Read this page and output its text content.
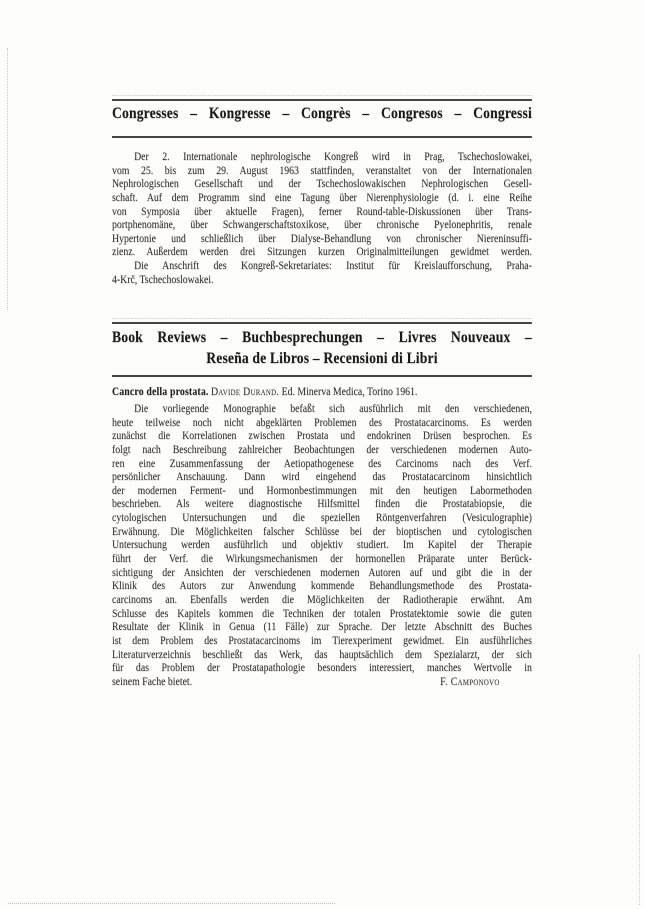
Congresses – Kongresse – Congrès – Congresos – Congressi
Der 2. Internationale nephrologische Kongreß wird in Prag, Tschechoslowakei,
vom 25. bis zum 29. August 1963 stattfinden, veranstaltet von der Internationalen
Nephrologischen Gesellschaft und der Tschechoslowakischen Nephrologischen Gesell-
schaft. Auf dem Programm sind eine Tagung über Nierenphysiologie (d. i. eine Reihe
von Symposia über aktuelle Fragen), ferner Round-table-Diskussionen über Trans-
portphenomäne, über Schwangerschaftstoxikose, über chronische Pyelonephritis, renale
Hypertonie und schließlich über Dialyse-Behandlung von chronischer Niereninsuffi-
zienz. Außerdem werden drei Sitzungen kurzen Originalmitteilungen gewidmet werden.
Die Anschrift des Kongreß-Sekretariates: Institut für Kreislaufforschung, Praha-
4-Krč, Tschechoslowakei.
Book Reviews – Buchbesprechungen – Livres Nouveaux –
Reseña de Libros – Recensioni di Libri

Cancro della prostata. Davide Durand. Ed. Minerva Medica, Torino 1961.

Die vorliegende Monographie befaßt sich ausführlich mit den verschiedenen,
heute teilweise noch nicht abgeklärten Problemen des Prostatacarcinoms. Es werden
zunächst die Korrelationen zwischen Prostata und endokrinen Drüsen besprochen. Es
folgt nach Beschreibung zahlreicher Beobachtungen der verschiedenen modernen Auto-
ren eine Zusammenfassung der Aetiopathogenese des Carcinoms nach des Verf.
persönlicher Anschauung. Dann wird eingehend das Prostatacarcinom hinsichtlich
der modernen Ferment- und Hormonbestimmungen mit den heutigen Labormethoden
beschrieben. Als weitere diagnostische Hilfsmittel finden die Prostatabiopsie, die
cytologischen Untersuchungen und die speziellen Röntgenverfahren (Vesiculographie)
Erwähnung. Die Möglichkeiten falscher Schlüsse bei der bioptischen und cytologischen
Untersuchung werden ausführlich und objektiv studiert. Im Kapitel der Therapie
führt der Verf. die Wirkungsmechanismen der hormonellen Präparate unter Berück-
sichtigung der Ansichten der verschiedenen modernen Autoren auf und gibt die in der
Klinik des Autors zur Anwendung kommende Behandlungsmethode des Prostata-
carcinoms an. Ebenfalls werden die Möglichkeiten der Radiotherapie erwähnt. Am
Schlusse des Kapitels kommen die Techniken der totalen Prostatektomie sowie die guten
Resultate der Klinik in Genua (11 Fälle) zur Sprache. Der letzte Abschnitt des Buches
ist dem Problem des Prostatacarcinoms im Tierexperiment gewidmet. Ein ausführliches
Literaturverzeichnis beschließt das Werk, das hauptsächlich dem Spezialarzt, der sich
für das Problem der Prostatapathologie besonders interessiert, manches Wertvolle in
seinem Fache bietet.	F. Camponovo
